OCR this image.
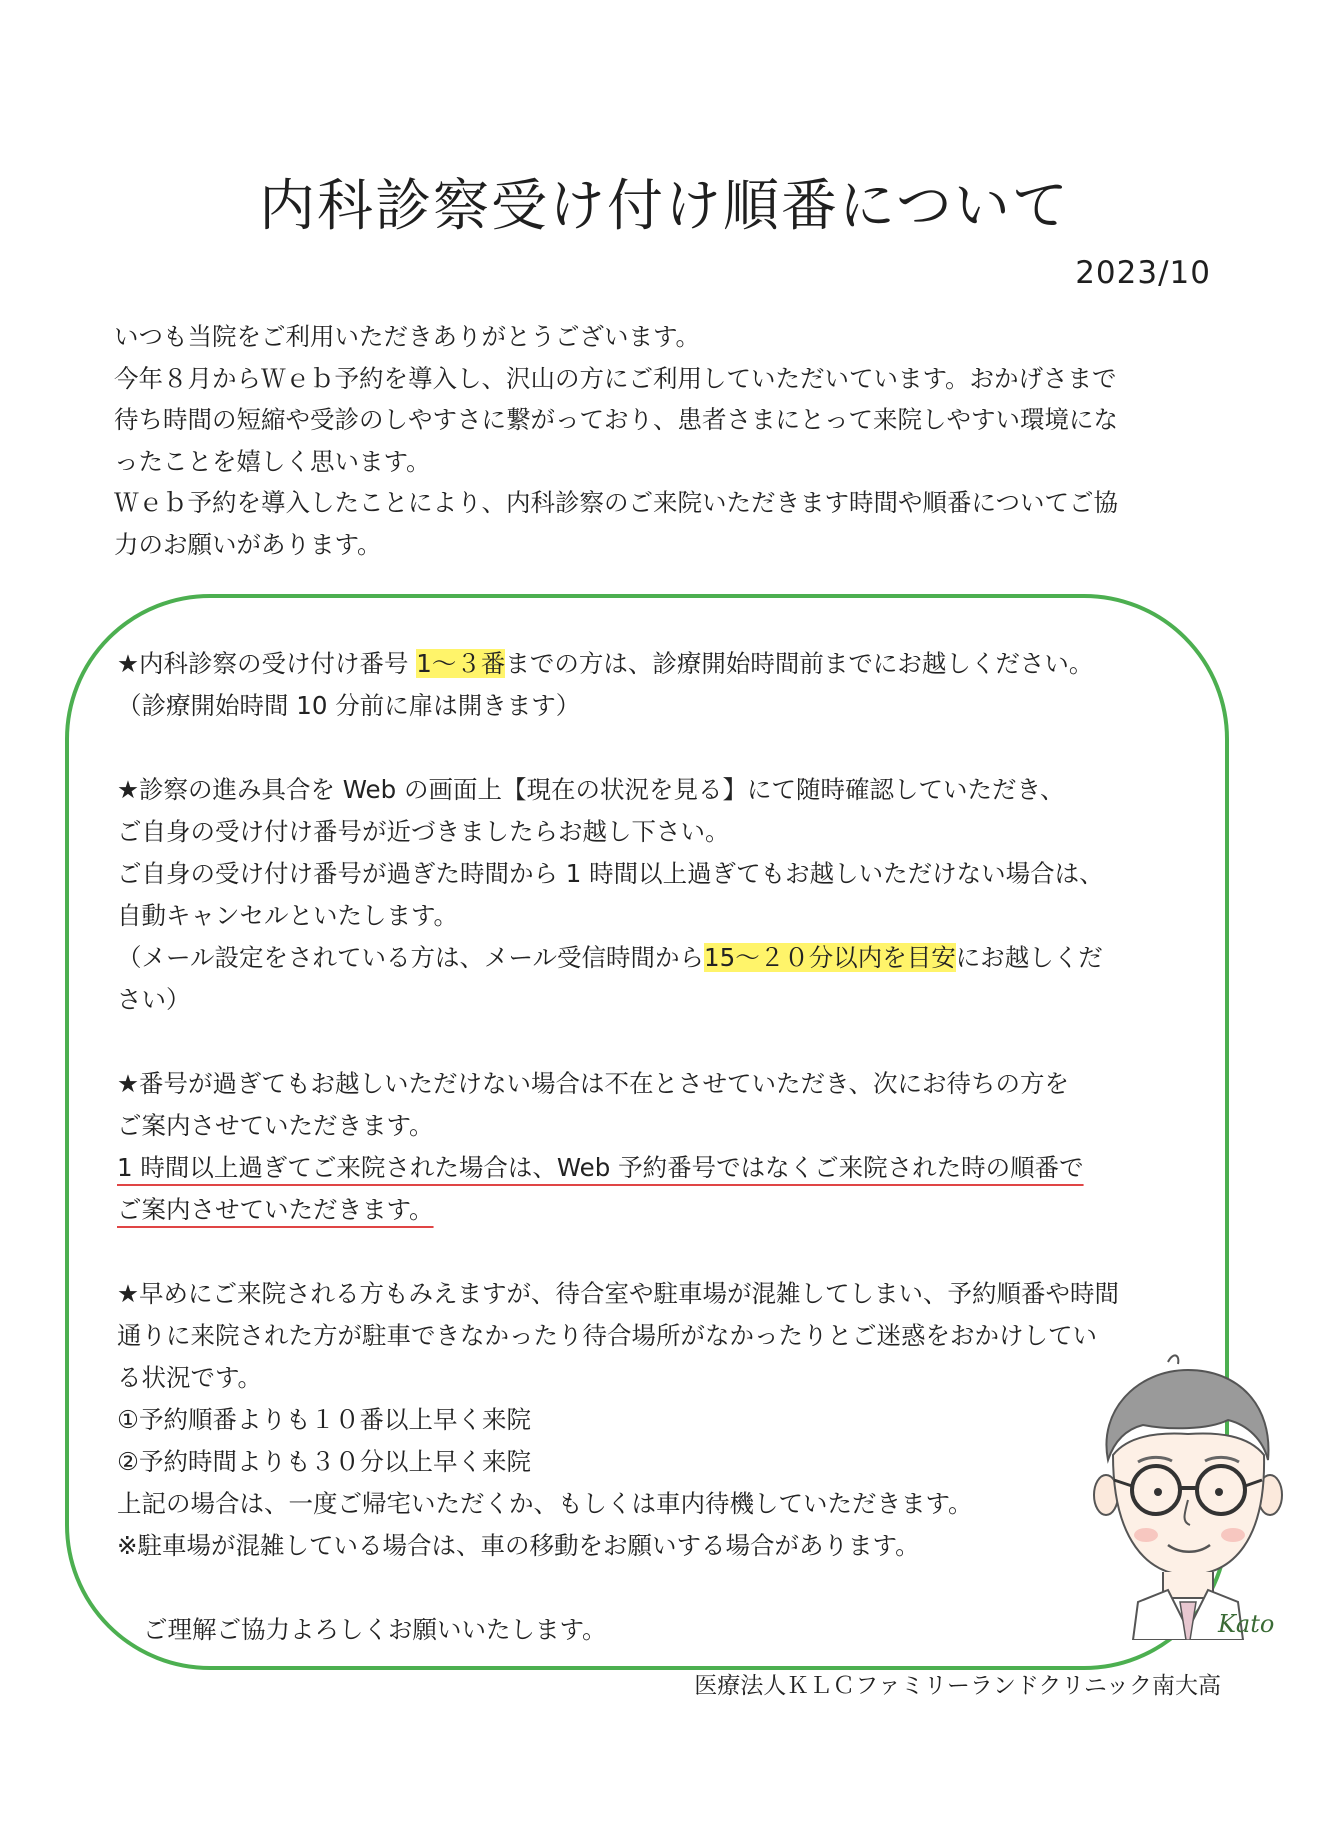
内科診察受け付け順番について
2023/10
いつも当院をご利用いただきありがとうございます。
今年８月からＷｅｂ予約を導入し、沢山の方にご利用していただいています。おかげさまで
待ち時間の短縮や受診のしやすさに繋がっており、患者さまにとって来院しやすい環境にな
ったことを嬉しく思います。
Ｗｅｂ予約を導入したことにより、内科診察のご来院いただきます時間や順番についてご協
力のお願いがあります。
★内科診察の受け付け番号 1～３番までの方は、診療開始時間前までにお越しください。
（診療開始時間 10 分前に扉は開きます）
★診察の進み具合を Web の画面上【現在の状況を見る】にて随時確認していただき、
ご自身の受け付け番号が近づきましたらお越し下さい。
ご自身の受け付け番号が過ぎた時間から 1 時間以上過ぎてもお越しいただけない場合は、
自動キャンセルといたします。
（メール設定をされている方は、メール受信時間から15～２０分以内を目安にお越しくだ
さい）
★番号が過ぎてもお越しいただけない場合は不在とさせていただき、次にお待ちの方を
ご案内させていただきます。
1 時間以上過ぎてご来院された場合は、Web 予約番号ではなくご来院された時の順番で
ご案内させていただきます。
★早めにご来院される方もみえますが、待合室や駐車場が混雑してしまい、予約順番や時間
通りに来院された方が駐車できなかったり待合場所がなかったりとご迷惑をおかけしてい
る状況です。
①予約順番よりも１０番以上早く来院
②予約時間よりも３０分以上早く来院
上記の場合は、一度ご帰宅いただくか、もしくは車内待機していただきます。
※駐車場が混雑している場合は、車の移動をお願いする場合があります。
ご理解ご協力よろしくお願いいたします。	Kato
医療法人ＫＬＣファミリーランドクリニック南大高
